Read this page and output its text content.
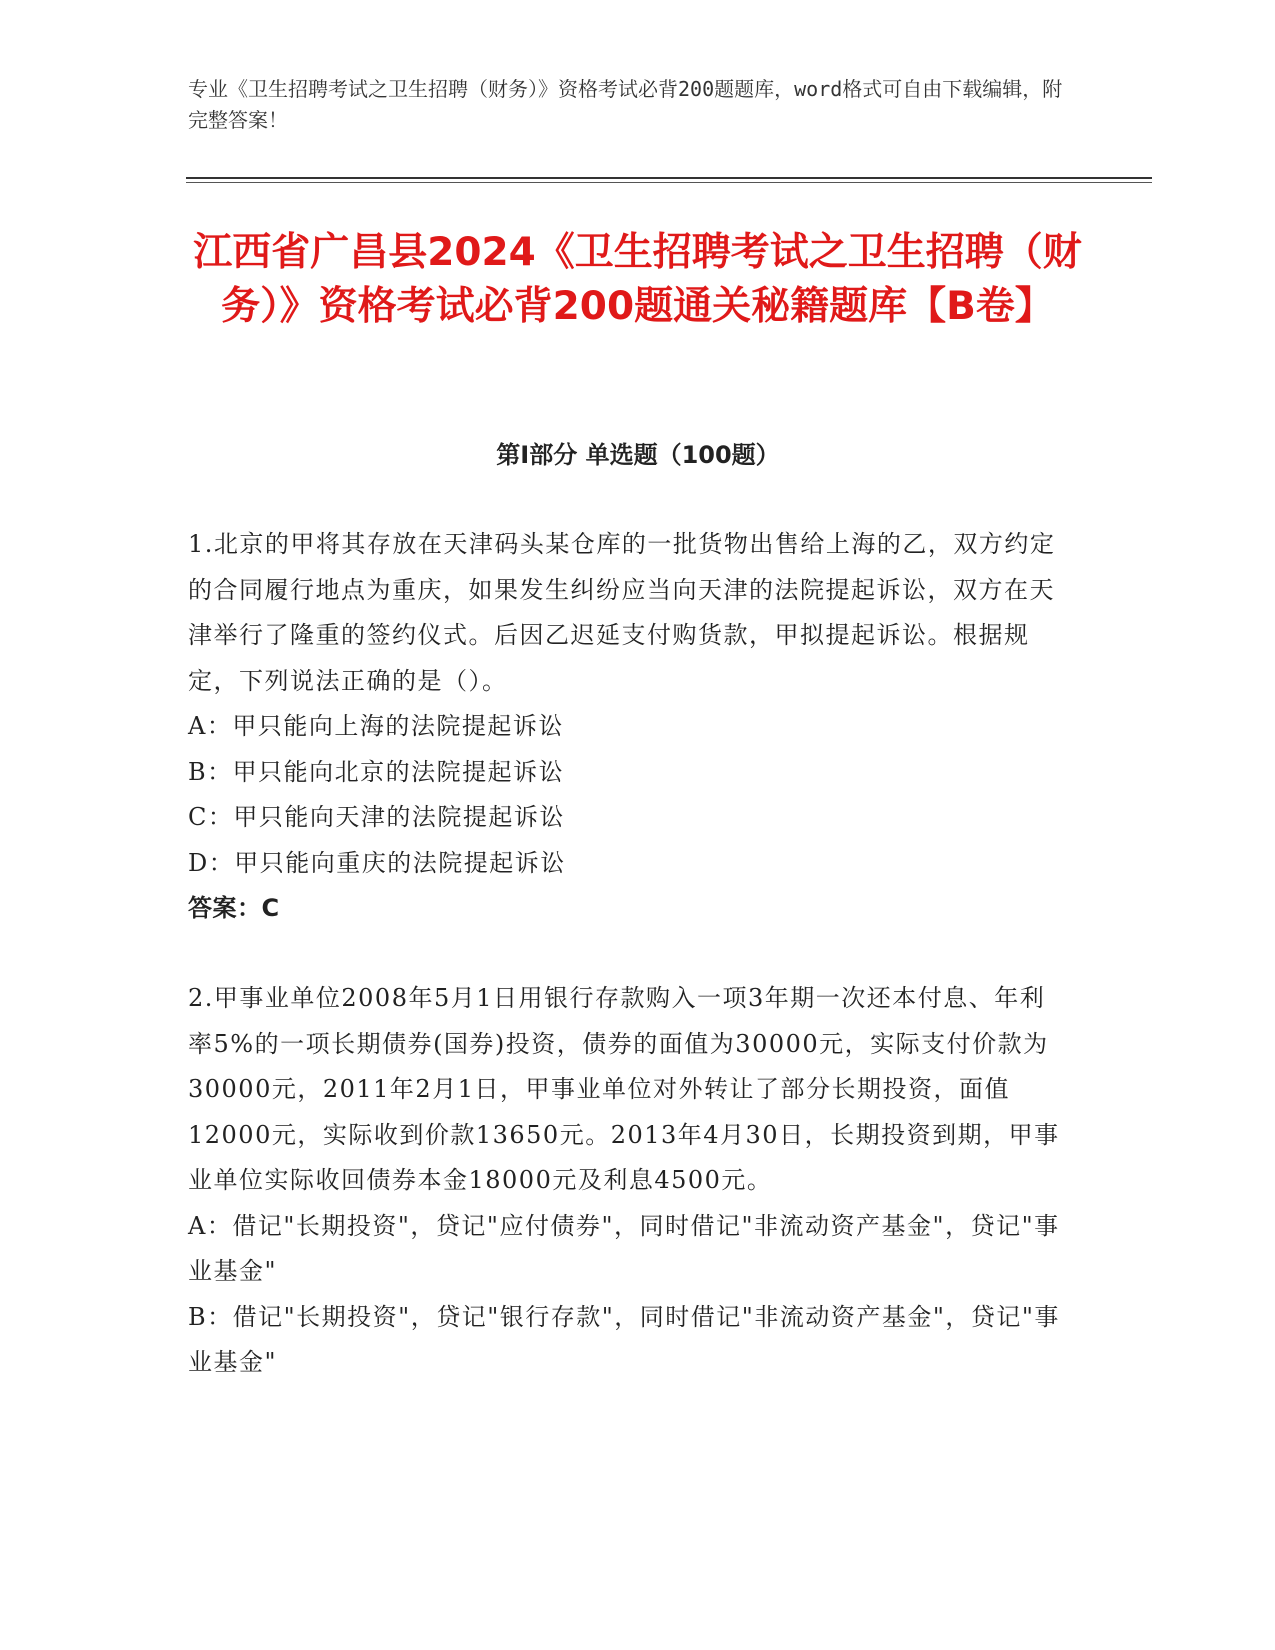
专业《卫生招聘考试之卫生招聘（财务）》资格考试必背200题题库，word格式可自由下载编辑，附完整答案！
江西省广昌县2024《卫生招聘考试之卫生招聘（财务）》资格考试必背200题通关秘籍题库【B卷】
第Ⅰ部分 单选题（100题）

1.北京的甲将其存放在天津码头某仓库的一批货物出售给上海的乙，双方约定的合同履行地点为重庆，如果发生纠纷应当向天津的法院提起诉讼，双方在天津举行了隆重的签约仪式。后因乙迟延支付购货款，甲拟提起诉讼。根据规定，下列说法正确的是（）。

A：甲只能向上海的法院提起诉讼

B：甲只能向北京的法院提起诉讼

C：甲只能向天津的法院提起诉讼

D：甲只能向重庆的法院提起诉讼

答案：C

2.甲事业单位2008年5月1日用银行存款购入一项3年期一次还本付息、年利率5%的一项长期债券(国券)投资，债券的面值为30000元，实际支付价款为30000元，2011年2月1日，甲事业单位对外转让了部分长期投资，面值12000元，实际收到价款13650元。2013年4月30日，长期投资到期，甲事业单位实际收回债券本金18000元及利息4500元。

A：借记"长期投资"，贷记"应付债券"，同时借记"非流动资产基金"，贷记"事业基金"

B：借记"长期投资"，贷记"银行存款"，同时借记"非流动资产基金"，贷记"事业基金"
